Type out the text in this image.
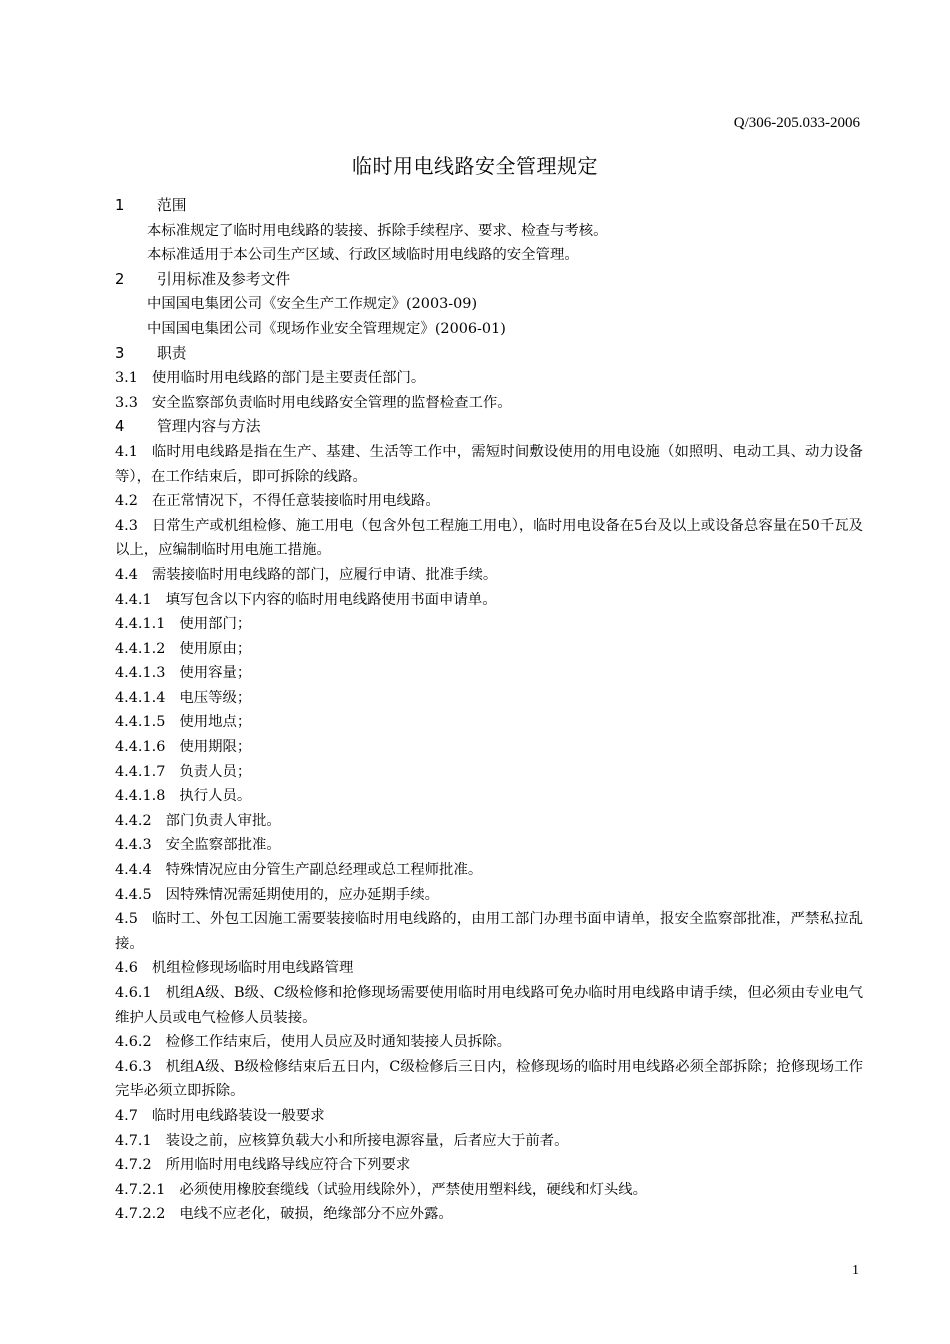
Q/306-205.033-2006
临时用电线路安全管理规定
1 范围
本标准规定了临时用电线路的装接、拆除手续程序、要求、检查与考核。
本标准适用于本公司生产区域、行政区域临时用电线路的安全管理。
2 引用标准及参考文件
中国国电集团公司《安全生产工作规定》(2003-09)
中国国电集团公司《现场作业安全管理规定》(2006-01)
3 职责
3.1 使用临时用电线路的部门是主要责任部门。
3.3 安全监察部负责临时用电线路安全管理的监督检查工作。
4 管理内容与方法
4.1 临时用电线路是指在生产、基建、生活等工作中，需短时间敷设使用的用电设施（如照明、电动工具、动力设备等），在工作结束后，即可拆除的线路。
4.2 在正常情况下，不得任意装接临时用电线路。
4.3 日常生产或机组检修、施工用电（包含外包工程施工用电），临时用电设备在5台及以上或设备总容量在50千瓦及以上，应编制临时用电施工措施。
4.4 需装接临时用电线路的部门，应履行申请、批准手续。
4.4.1 填写包含以下内容的临时用电线路使用书面申请单。
4.4.1.1 使用部门；
4.4.1.2 使用原由；
4.4.1.3 使用容量；
4.4.1.4 电压等级；
4.4.1.5 使用地点；
4.4.1.6 使用期限；
4.4.1.7 负责人员；
4.4.1.8 执行人员。
4.4.2 部门负责人审批。
4.4.3 安全监察部批准。
4.4.4 特殊情况应由分管生产副总经理或总工程师批准。
4.4.5 因特殊情况需延期使用的，应办延期手续。
4.5 临时工、外包工因施工需要装接临时用电线路的，由用工部门办理书面申请单，报安全监察部批准，严禁私拉乱接。
4.6 机组检修现场临时用电线路管理
4.6.1 机组A级、B级、C级检修和抢修现场需要使用临时用电线路可免办临时用电线路申请手续，但必须由专业电气维护人员或电气检修人员装接。
4.6.2 检修工作结束后，使用人员应及时通知装接人员拆除。
4.6.3 机组A级、B级检修结束后五日内，C级检修后三日内，检修现场的临时用电线路必须全部拆除；抢修现场工作完毕必须立即拆除。
4.7 临时用电线路装设一般要求
4.7.1 装设之前，应核算负载大小和所接电源容量，后者应大于前者。
4.7.2 所用临时用电线路导线应符合下列要求
4.7.2.1 必须使用橡胶套缆线（试验用线除外），严禁使用塑料线，硬线和灯头线。
4.7.2.2 电线不应老化，破损，绝缘部分不应外露。
1
